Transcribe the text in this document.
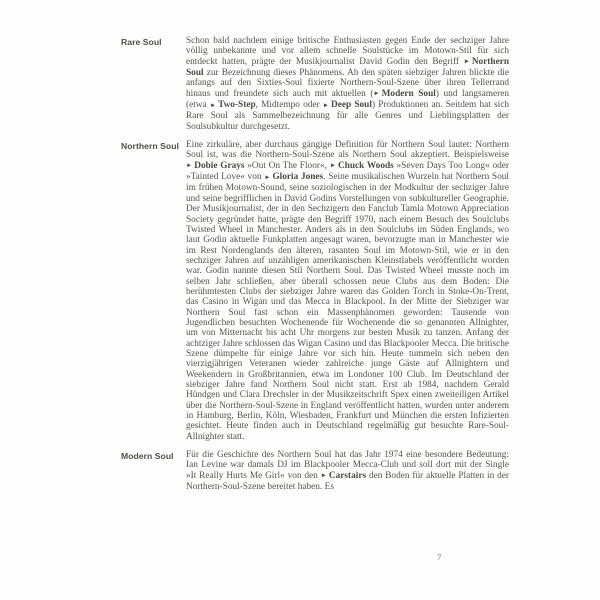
Rare Soul	Schon bald nachdem einige britische Enthusiasten gegen Ende der sechziger Jahre völlig unbekannte und vor allem schnelle Soulstücke im Motown-Stil für sich entdeckt hatten, prägte der Musikjournalist David Godin den Begriff ► Northern Soul zur Bezeichnung dieses Phänomens. Ab den späten siebziger Jahren blickte die anfangs auf den Sixties-Soul fixierte Northern-Soul-Szene über ihren Tellerrand hinaus und freundete sich auch mit aktuellen (► Modern Soul) und langsameren (etwa ► Two-Step, Midtempo oder ► Deep Soul) Produktionen an. Seitdem hat sich Rare Soul als Sammelbezeichnung für alle Genres und Lieblingsplatten der Soulsubkultur durchgesetzt.

Northern Soul Eine zirkuläre, aber durchaus gängige Definition für Northern Soul lautet: Northern Soul ist, was die Northern-Soul-Szene als Northern Soul akzeptiert. Beispielsweise ► Dobie Grays »Out On The Floor«, ► Chuck Woods »Seven Days Too Long« oder »Tainted Love« von ► Gloria Jones. Seine musikalischen Wurzeln hat Northern Soul im frühen Motown-Sound, seine soziologischen in der Modkultur der sechziger Jahre und seine begrifflichen in David Godins Vorstellungen von subkultureller Geographie. Der Musikjournalist, der in den Sechzigern den Fanclub Tamla Motown Appreciation Society gegründet hatte, prägte den Begriff 1970, nach einem Besuch des Soulclubs Twisted Wheel in Manchester. Anders als in den Soulclubs im Süden Englands, wo laut Godin aktuelle Funkplatten angesagt waren, bevorzugte man in Manchester wie im Rest Nordenglands den älteren, rasanten Soul im Motown-Stil, wie er in den sechziger Jahren auf unzähligen amerikanischen Kleinstlabels veröffentlicht worden war. Godin nannte diesen Stil Northern Soul. Das Twisted Wheel musste noch im selben Jahr schließen, aber überall schossen neue Clubs aus dem Boden: Die berühmtesten Clubs der siebziger Jahre waren das Golden Torch in Stoke-On-Trent, das Casino in Wigan und das Mecca in Blackpool. In der Mitte der Siebziger war Northern Soul fast schon ein Massenphänomen geworden: Tausende von Jugendlichen besuchten Wochenende für Wochenende die so genannten Allnighter, um von Mitternacht bis acht Uhr morgens zur besten Musik zu tanzen. Anfang der achtziger Jahre schlossen das Wigan Casino und das Blackpooler Mecca. Die britische Szene dümpelte für einige Jahre vor sich hin. Heute tummeln sich neben den vierzigjährigen Veteranen wieder zahlreiche junge Gäste auf Allnightern und Weekendern in Großbritannien, etwa im Londoner 100 Club. Im Deutschland der siebziger Jahre fand Northern Soul nicht statt. Erst ab 1984, nachdem Gerald Hündgen und Clara Drechsler in der Musikzeitschrift Spex einen zweiteiligen Artikel über die Northern-Soul-Szene in England veröffentlicht hatten, wurden unter anderem in Hamburg, Berlin, Köln, Wiesbaden, Frankfurt und München die ersten Infizierten gesichtet. Heute finden auch in Deutschland regelmäßig gut besuchte Rare-Soul-Allnighter statt.

Modern Soul	Für die Geschichte des Northern Soul hat das Jahr 1974 eine besondere Bedeutung: Ian Levine war damals DJ im Blackpooler Mecca-Club und soll dort mit der Single »It Really Hurts Me Girl« von den ► Carstairs den Boden für aktuelle Platten in der Northern-Soul-Szene bereitet haben. Es

7
